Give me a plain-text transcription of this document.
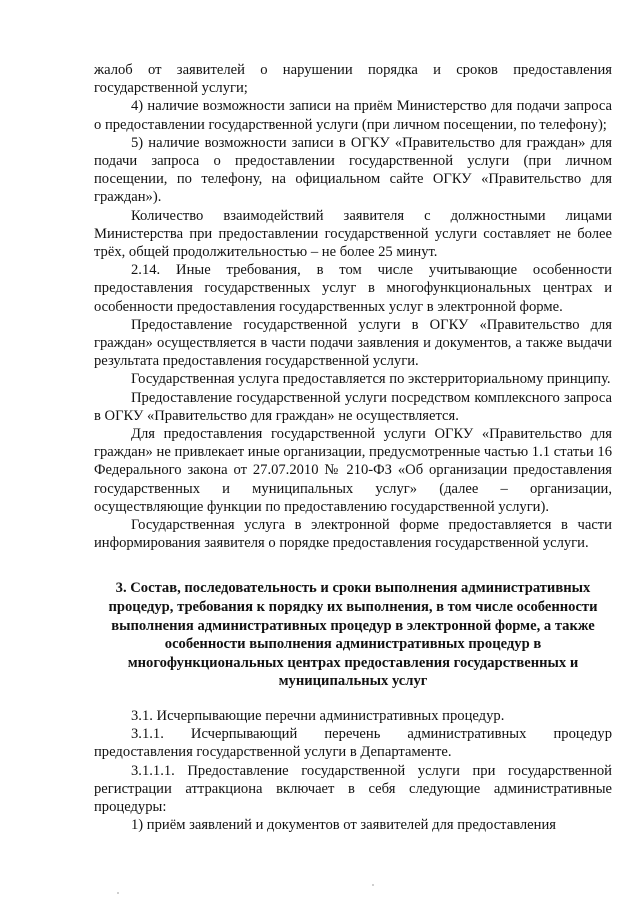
жалоб от заявителей о нарушении порядка и сроков предоставления государственной услуги;

4) наличие возможности записи на приём Министерство для подачи запроса о предоставлении государственной услуги (при личном посещении, по телефону);

5) наличие возможности записи в ОГКУ «Правительство для граждан» для подачи запроса о предоставлении государственной услуги (при личном посещении, по телефону, на официальном сайте ОГКУ «Правительство для граждан»).

Количество взаимодействий заявителя с должностными лицами Министерства при предоставлении государственной услуги составляет не более трёх, общей продолжительностью – не более 25 минут.

2.14. Иные требования, в том числе учитывающие особенности предоставления государственных услуг в многофункциональных центрах и особенности предоставления государственных услуг в электронной форме.

Предоставление государственной услуги в ОГКУ «Правительство для граждан» осуществляется в части подачи заявления и документов, а также выдачи результата предоставления государственной услуги.

Государственная услуга предоставляется по экстерриториальному принципу.

Предоставление государственной услуги посредством комплексного запроса в ОГКУ «Правительство для граждан» не осуществляется.

Для предоставления государственной услуги ОГКУ «Правительство для граждан» не привлекает иные организации, предусмотренные частью 1.1 статьи 16 Федерального закона от 27.07.2010 № 210-ФЗ «Об организации предоставления государственных и муниципальных услуг» (далее – организации, осуществляющие функции по предоставлению государственной услуги).

Государственная услуга в электронной форме предоставляется в части информирования заявителя о порядке предоставления государственной услуги.

3. Состав, последовательность и сроки выполнения административных процедур, требования к порядку их выполнения, в том числе особенности выполнения административных процедур в электронной форме, а также особенности выполнения административных процедур в многофункциональных центрах предоставления государственных и муниципальных услуг

3.1. Исчерпывающие перечни административных процедур.

3.1.1. Исчерпывающий перечень административных процедур предоставления государственной услуги в Департаменте.

3.1.1.1. Предоставление государственной услуги при государственной регистрации аттракциона включает в себя следующие административные процедуры:

1) приём заявлений и документов от заявителей для предоставления
